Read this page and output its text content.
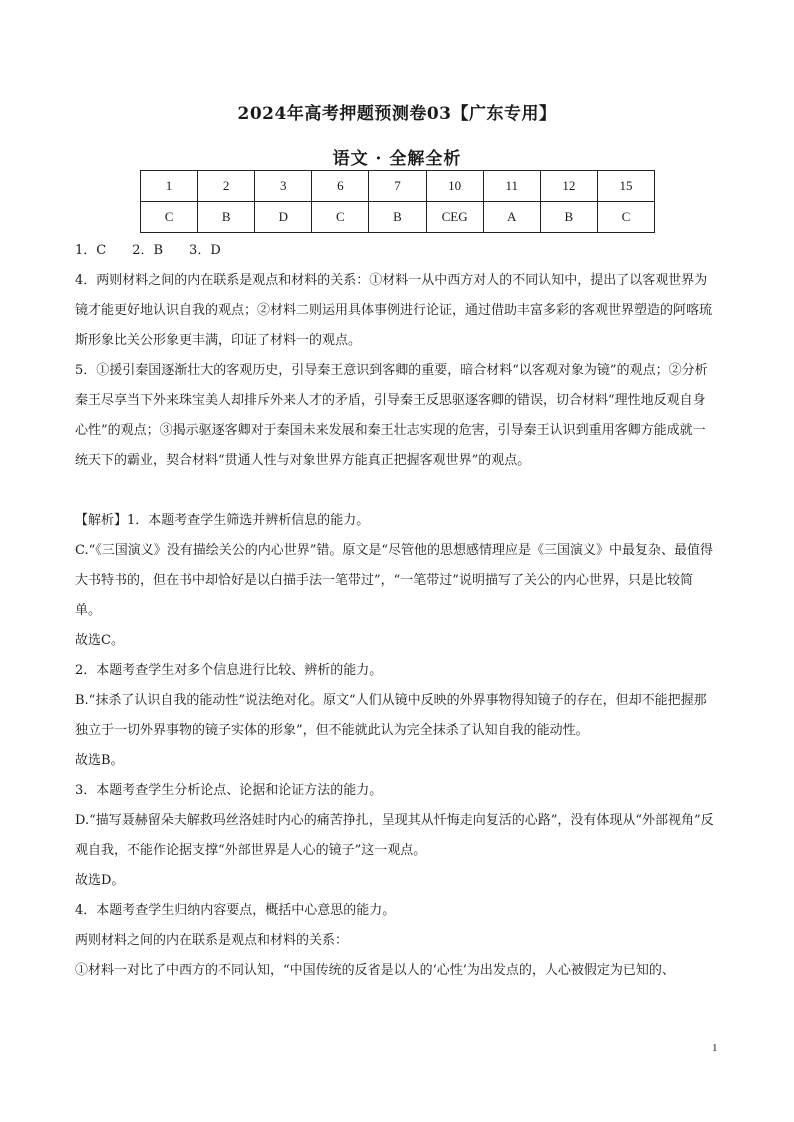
2024年高考押题预测卷03【广东专用】
语文 · 全解全析
1	2	3	6	7	10	11	12	15
C	B	D	C	B	CEG	A	B	C

1．C　　2．B　　3．D

4．两则材料之间的内在联系是观点和材料的关系：①材料一从中西方对人的不同认知中，提出了以客观世界为镜才能更好地认识自我的观点；②材料二则运用具体事例进行论证，通过借助丰富多彩的客观世界塑造的阿喀琉斯形象比关公形象更丰满，印证了材料一的观点。

5．①援引秦国逐渐壮大的客观历史，引导秦王意识到客卿的重要，暗合材料“以客观对象为镜”的观点；②分析秦王尽享当下外来珠宝美人却排斥外来人才的矛盾，引导秦王反思驱逐客卿的错误，切合材料“理性地反观自身心性”的观点；③揭示驱逐客卿对于秦国未来发展和秦王壮志实现的危害，引导秦王认识到重用客卿方能成就一统天下的霸业，契合材料“贯通人性与对象世界方能真正把握客观世界”的观点。

【解析】1．本题考查学生筛选并辨析信息的能力。

C.“《三国演义》没有描绘关公的内心世界”错。原文是“尽管他的思想感情理应是《三国演义》中最复杂、最值得大书特书的，但在书中却恰好是以白描手法一笔带过”，“一笔带过”说明描写了关公的内心世界，只是比较简单。

故选C。

2．本题考查学生对多个信息进行比较、辨析的能力。

B.“抹杀了认识自我的能动性”说法绝对化。原文“人们从镜中反映的外界事物得知镜子的存在，但却不能把握那独立于一切外界事物的镜子实体的形象”，但不能就此认为完全抹杀了认知自我的能动性。

故选B。

3．本题考查学生分析论点、论据和论证方法的能力。

D.“描写聂赫留朵夫解救玛丝洛娃时内心的痛苦挣扎，呈现其从忏悔走向复活的心路”，没有体现从“外部视角”反观自我，不能作论据支撑“外部世界是人心的镜子”这一观点。

故选D。

4．本题考查学生归纳内容要点，概括中心意思的能力。

两则材料之间的内在联系是观点和材料的关系：

①材料一对比了中西方的不同认知，“中国传统的反省是以人的‘心性’为出发点的，人心被假定为已知的、

1
